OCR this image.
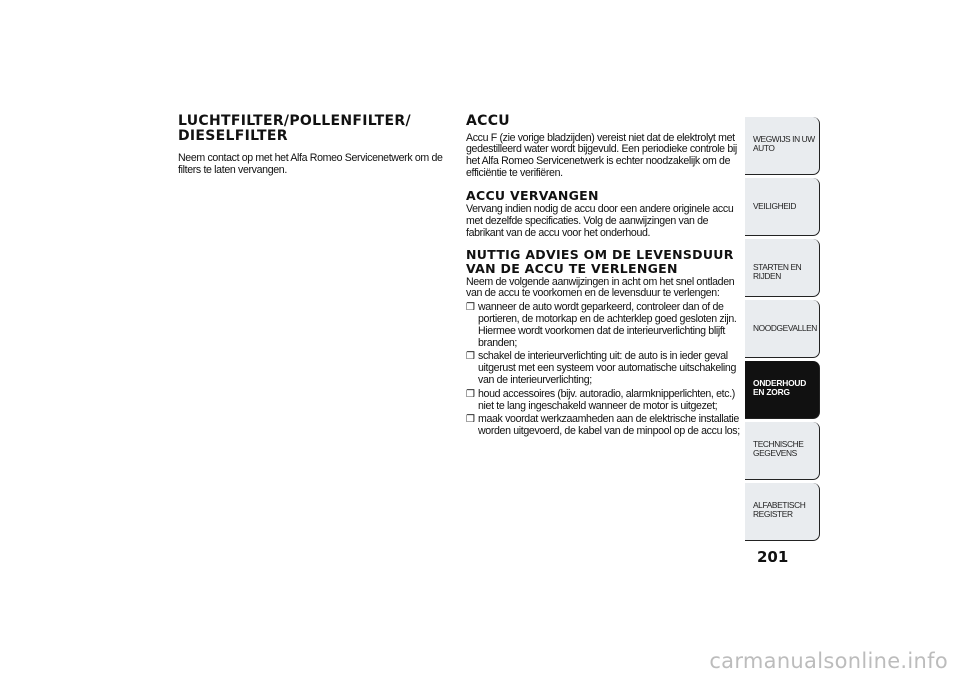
LUCHTFILTER/POLLENFILTER/ DIESELFILTER

Neem contact op met het Alfa Romeo Servicenetwerk om de filters te laten vervangen.

ACCU

Accu F (zie vorige bladzijden) vereist niet dat de elektrolyt met gedestilleerd water wordt bijgevuld. Een periodieke controle bij het Alfa Romeo Servicenetwerk is echter noodzakelijk om de efficiëntie te verifiëren.

ACCU VERVANGEN

Vervang indien nodig de accu door een andere originele accu met dezelfde specificaties. Volg de aanwijzingen van de fabrikant van de accu voor het onderhoud.

NUTTIG ADVIES OM DE LEVENSDUUR VAN DE ACCU TE VERLENGEN

Neem de volgende aanwijzingen in acht om het snel ontladen van de accu te voorkomen en de levensduur te verlengen:

❒ wanneer de auto wordt geparkeerd, controleer dan of de portieren, de motorkap en de achterklep goed gesloten zijn. Hiermee wordt voorkomen dat de interieurverlichting blijft branden;
❒ schakel de interieurverlichting uit: de auto is in ieder geval uitgerust met een systeem voor automatische uitschakeling van de interieurverlichting;
❒ houd accessoires (bijv. autoradio, alarmknipperlichten, etc.) niet te lang ingeschakeld wanneer de motor is uitgezet;
❒ maak voordat werkzaamheden aan de elektrische installatie worden uitgevoerd, de kabel van de minpool op de accu los;
WEGWIJS IN UW AUTO
VEILIGHEID
STARTEN EN RIJDEN
NOODGEVALLEN
ONDERHOUD EN ZORG
TECHNISCHE GEGEVENS
ALFABETISCH REGISTER
201
carmanualsonline.info
